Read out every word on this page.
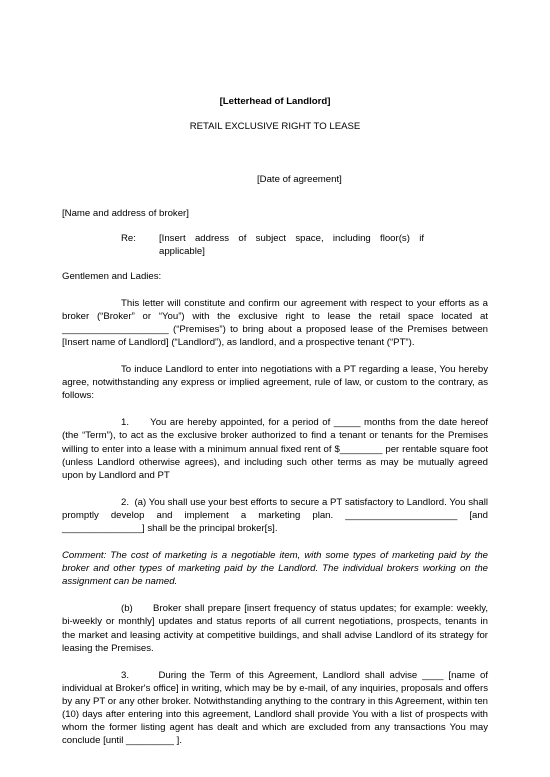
[Letterhead of Landlord]

RETAIL EXCLUSIVE RIGHT TO LEASE

[Date of agreement]

[Name and address of broker]

Re:	[Insert address of subject space, including floor(s) if applicable]

Gentlemen and Ladies:

This letter will constitute and confirm our agreement with respect to your efforts as a broker (“Broker” or “You”) with the exclusive right to lease the retail space located at ____________________ (“Premises”) to bring about a proposed lease of the Premises between [Insert name of Landlord] (“Landlord”), as landlord, and a prospective tenant (“PT”).

To induce Landlord to enter into negotiations with a PT regarding a lease, You hereby agree, notwithstanding any express or implied agreement, rule of law, or custom to the contrary, as follows:

1.      You are hereby appointed, for a period of _____ months from the date hereof (the “Term”), to act as the exclusive broker authorized to find a tenant or tenants for the Premises willing to enter into a lease with a minimum annual fixed rent of $________ per rentable square foot (unless Landlord otherwise agrees), and including such other terms as may be mutually agreed upon by Landlord and PT

2.  (a) You shall use your best efforts to secure a PT satisfactory to Landlord. You shall promptly develop and implement a marketing plan. _____________________ [and _______________] shall be the principal broker[s].

Comment: The cost of marketing is a negotiable item, with some types of marketing paid by the broker and other types of marketing paid by the Landlord. The individual brokers working on the assignment can be named.

(b)      Broker shall prepare [insert frequency of status updates; for example: weekly, bi-weekly or monthly] updates and status reports of all current negotiations, prospects, tenants in the market and leasing activity at competitive buildings, and shall advise Landlord of its strategy for leasing the Premises.

3.      During the Term of this Agreement, Landlord shall advise ____ [name of individual at Broker's office] in writing, which may be by e-mail, of any inquiries, proposals and offers by any PT or any other broker. Notwithstanding anything to the contrary in this Agreement, within ten (10) days after entering into this agreement, Landlord shall provide You with a list of prospects with whom the former listing agent has dealt and which are excluded from any transactions You may conclude [until _________ ].
